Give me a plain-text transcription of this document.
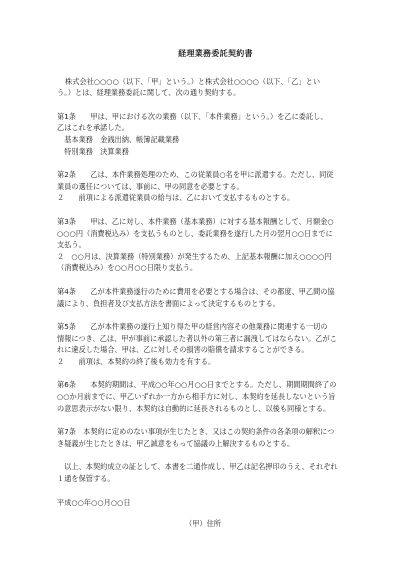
経理業務委託契約書
株式会社○○○○（以下、「甲」という。）と株式会社○○○○（以下、「乙」とい
う。）とは、経理業務委託に関して、次の通り契約する。
第1条　　甲は、甲における次の業務（以下、「本件業務」という。）を乙に委託し、
乙はこれを承諾した。
　基本業務　金銭出納、帳簿記載業務
　特別業務　決算業務
第2条　　乙は、本件業務処理のため、この従業員○名を甲に派遣する。ただし、同従
業員の選任については、事前に、甲の同意を必要とする。
２　　前項による派遣従業員の給与は、乙において支払するものとする。
第3条　　甲は、乙に対し、本件業務（基本業務）に対する基本報酬として、月額金○
○○○円（消費税込み）を支払うものとし、委託業務を遂行した月の翌月○○日までに
支払う。
２　○○月は、決算業務（特別業務）が発生するため、上記基本報酬に加え○○○○円
（消費税込み）を○○月○○日限り支払う。
第4条　　乙が本件業務遂行のために費用を必要とする場合は、その都度、甲乙間の協
議により、負担者及び支払方法を書面によって決定するものとする。
第5条　　乙が本件業務の遂行上知り得た甲の経営内容その他業務に関連する一切の
情報につき、乙は、甲が事前に承認した者以外の第三者に漏洩してはならない。乙がこ
れに違反した場合、甲は、乙に対しその損害の賠償を請求することができる。
２　　前項は、本契約の終了後も効力を有する。
第6条　　本契約期間は、平成○○年○○月○○日までとする。ただし、期間期間終了の
○○か月前までに、甲乙いずれか一方から相手方に対し、本契約を延長しないという旨
の意思表示がない限り、本契約は自動的に延長されるものとし、以後も同様とする。
第7条　本契約に定めのない事項が生じたとき、又はこの契約条件の各条項の解釈につ
き疑義が生じたときは、甲乙誠意をもって協議の上解決するものとする。
　以上、本契約成立の証として、本書を二通作成し、甲乙は記名押印のうえ、それぞれ
１通を保管する。
平成○○年○○月○○日
（甲）住所
